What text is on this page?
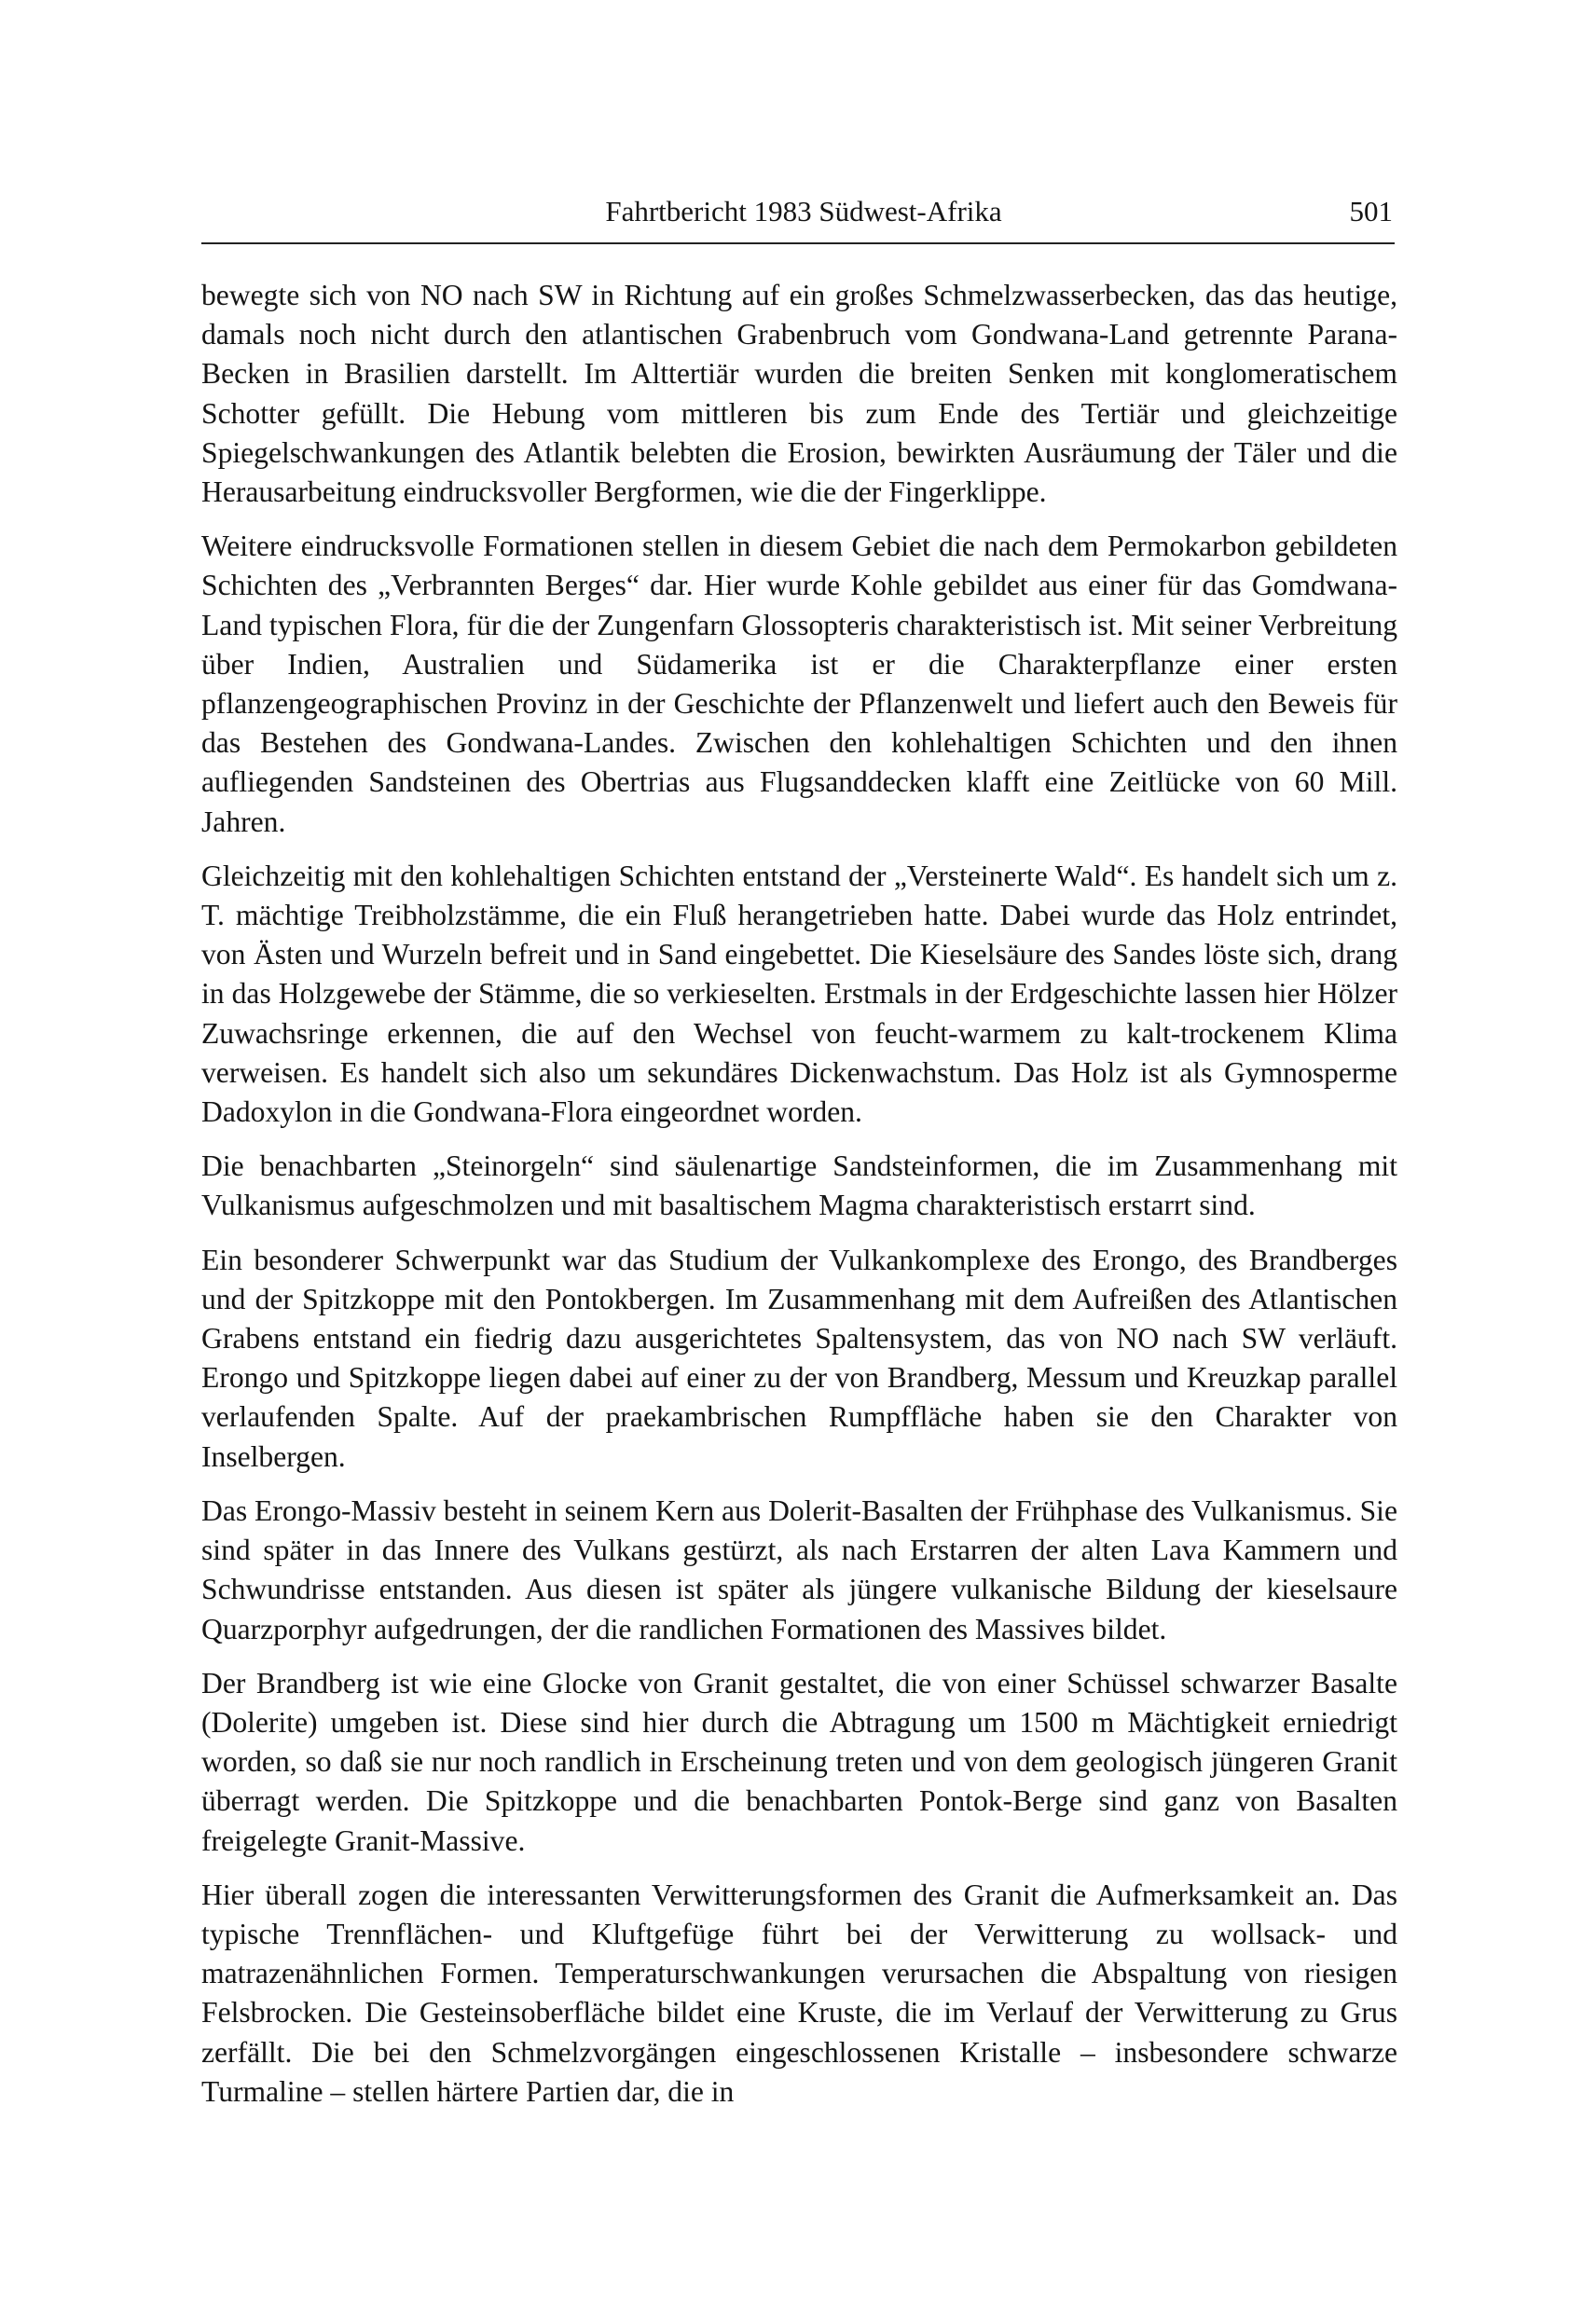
Fahrtbericht 1983 Südwest-Afrika	501

bewegte sich von NO nach SW in Richtung auf ein großes Schmelzwasserbecken, das das heutige, damals noch nicht durch den atlantischen Grabenbruch vom Gondwana-Land getrennte Parana-Becken in Brasilien darstellt. Im Alttertiär wurden die breiten Senken mit konglomeratischem Schotter gefüllt. Die Hebung vom mittleren bis zum Ende des Tertiär und gleichzeitige Spiegelschwankungen des Atlantik belebten die Erosion, bewirkten Ausräumung der Täler und die Herausarbeitung eindrucksvoller Bergformen, wie die der Fingerklippe.

Weitere eindrucksvolle Formationen stellen in diesem Gebiet die nach dem Permokarbon gebildeten Schichten des „Verbrannten Berges“ dar. Hier wurde Kohle gebildet aus einer für das Gomdwana-Land typischen Flora, für die der Zungenfarn Glossopteris charakteristisch ist. Mit seiner Verbreitung über Indien, Australien und Südamerika ist er die Charakterpflanze einer ersten pflanzengeographischen Provinz in der Geschichte der Pflanzenwelt und liefert auch den Beweis für das Bestehen des Gondwana-Landes. Zwischen den kohlehaltigen Schichten und den ihnen aufliegenden Sandsteinen des Obertrias aus Flugsanddecken klafft eine Zeitlücke von 60 Mill. Jahren.

Gleichzeitig mit den kohlehaltigen Schichten entstand der „Versteinerte Wald“. Es handelt sich um z. T. mächtige Treibholzstämme, die ein Fluß herangetrieben hatte. Dabei wurde das Holz entrindet, von Ästen und Wurzeln befreit und in Sand eingebettet. Die Kieselsäure des Sandes löste sich, drang in das Holzgewebe der Stämme, die so verkieselten. Erstmals in der Erdgeschichte lassen hier Hölzer Zuwachsringe erkennen, die auf den Wechsel von feucht-warmem zu kalt-trockenem Klima verweisen. Es handelt sich also um sekundäres Dickenwachstum. Das Holz ist als Gymnosperme Dadoxylon in die Gondwana-Flora eingeordnet worden.

Die benachbarten „Steinorgeln“ sind säulenartige Sandsteinformen, die im Zusammenhang mit Vulkanismus aufgeschmolzen und mit basaltischem Magma charakteristisch erstarrt sind.

Ein besonderer Schwerpunkt war das Studium der Vulkankomplexe des Erongo, des Brandberges und der Spitzkoppe mit den Pontokbergen. Im Zusammenhang mit dem Aufreißen des Atlantischen Grabens entstand ein fiedrig dazu ausgerichtetes Spaltensystem, das von NO nach SW verläuft. Erongo und Spitzkoppe liegen dabei auf einer zu der von Brandberg, Messum und Kreuzkap parallel verlaufenden Spalte. Auf der praekambrischen Rumpffläche haben sie den Charakter von Inselbergen.

Das Erongo-Massiv besteht in seinem Kern aus Dolerit-Basalten der Frühphase des Vulkanismus. Sie sind später in das Innere des Vulkans gestürzt, als nach Erstarren der alten Lava Kammern und Schwundrisse entstanden. Aus diesen ist später als jüngere vulkanische Bildung der kieselsaure Quarzporphyr aufgedrungen, der die randlichen Formationen des Massives bildet.

Der Brandberg ist wie eine Glocke von Granit gestaltet, die von einer Schüssel schwarzer Basalte (Dolerite) umgeben ist. Diese sind hier durch die Abtragung um 1500 m Mächtigkeit erniedrigt worden, so daß sie nur noch randlich in Erscheinung treten und von dem geologisch jüngeren Granit überragt werden. Die Spitzkoppe und die benachbarten Pontok-Berge sind ganz von Basalten freigelegte Granit-Massive.

Hier überall zogen die interessanten Verwitterungsformen des Granit die Aufmerksamkeit an. Das typische Trennflächen- und Kluftgefüge führt bei der Verwitterung zu wollsack- und matrazenähnlichen Formen. Temperaturschwankungen verursachen die Abspaltung von riesigen Felsbrocken. Die Gesteinsoberfläche bildet eine Kruste, die im Verlauf der Verwitterung zu Grus zerfällt. Die bei den Schmelzvorgängen eingeschlossenen Kristalle – insbesondere schwarze Turmaline – stellen härtere Partien dar, die in
